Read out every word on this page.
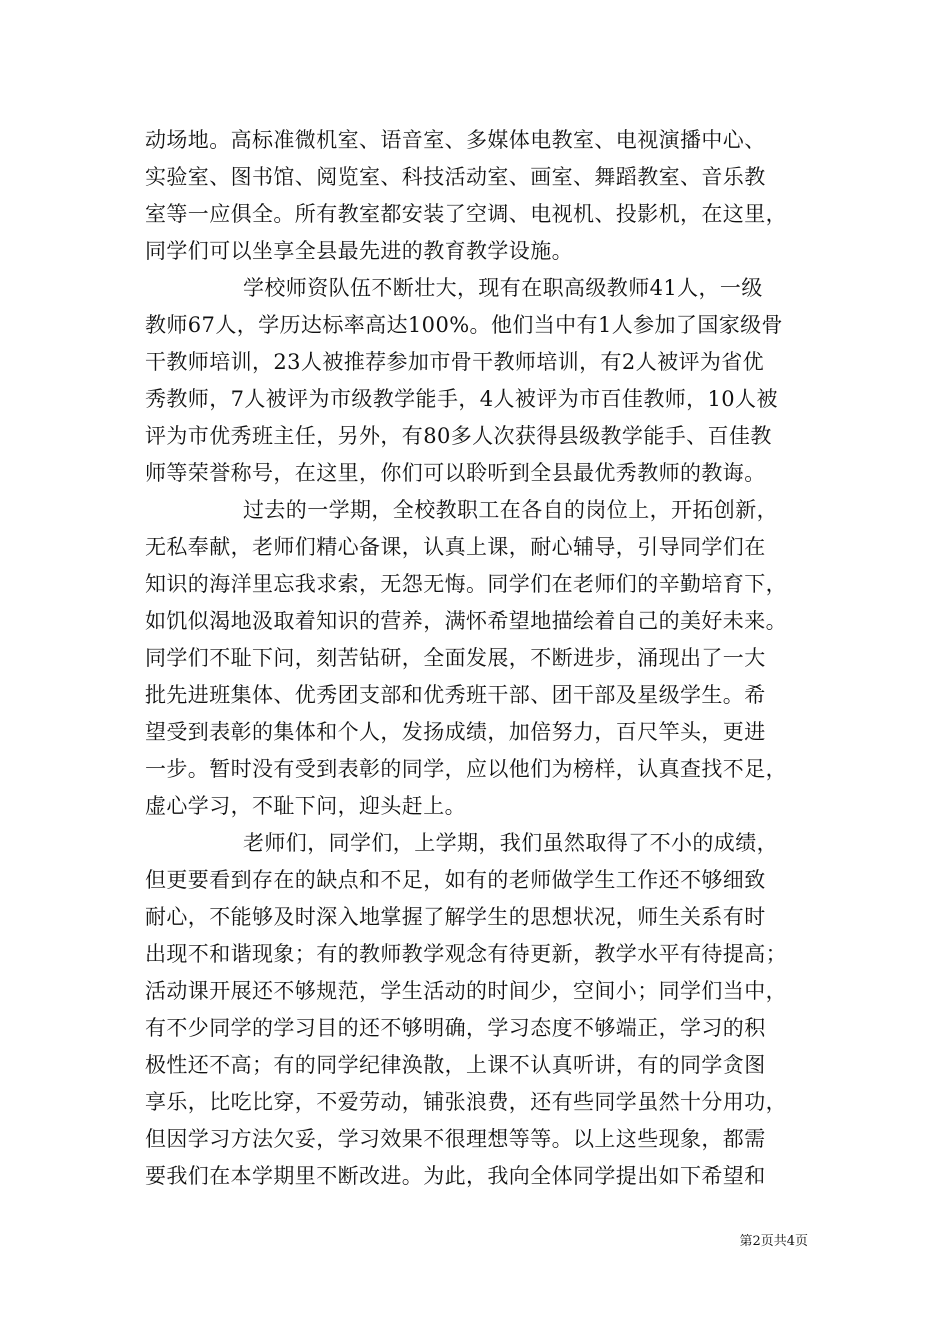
动场地。高标准微机室、语音室、多媒体电教室、电视演播中心、
实验室、图书馆、阅览室、科技活动室、画室、舞蹈教室、音乐教
室等一应俱全。所有教室都安装了空调、电视机、投影机，在这里，
同学们可以坐享全县最先进的教育教学设施。
学校师资队伍不断壮大，现有在职高级教师41人，一级
教师67人，学历达标率高达100%。他们当中有1人参加了国家级骨
干教师培训，23人被推荐参加市骨干教师培训，有2人被评为省优
秀教师，7人被评为市级教学能手，4人被评为市百佳教师，10人被
评为市优秀班主任，另外，有80多人次获得县级教学能手、百佳教
师等荣誉称号，在这里，你们可以聆听到全县最优秀教师的教诲。
过去的一学期，全校教职工在各自的岗位上，开拓创新，
无私奉献，老师们精心备课，认真上课，耐心辅导，引导同学们在
知识的海洋里忘我求索，无怨无悔。同学们在老师们的辛勤培育下，
如饥似渴地汲取着知识的营养，满怀希望地描绘着自己的美好未来。
同学们不耻下问，刻苦钻研，全面发展，不断进步，涌现出了一大
批先进班集体、优秀团支部和优秀班干部、团干部及星级学生。希
望受到表彰的集体和个人，发扬成绩，加倍努力，百尺竿头，更进
一步。暂时没有受到表彰的同学，应以他们为榜样，认真查找不足，
虚心学习，不耻下问，迎头赶上。
老师们，同学们，上学期，我们虽然取得了不小的成绩，
但更要看到存在的缺点和不足，如有的老师做学生工作还不够细致
耐心，不能够及时深入地掌握了解学生的思想状况，师生关系有时
出现不和谐现象；有的教师教学观念有待更新，教学水平有待提高；
活动课开展还不够规范，学生活动的时间少，空间小；同学们当中，
有不少同学的学习目的还不够明确，学习态度不够端正，学习的积
极性还不高；有的同学纪律涣散，上课不认真听讲，有的同学贪图
享乐，比吃比穿，不爱劳动，铺张浪费，还有些同学虽然十分用功，
但因学习方法欠妥，学习效果不很理想等等。以上这些现象，都需
要我们在本学期里不断改进。为此，我向全体同学提出如下希望和
第2页共4页
